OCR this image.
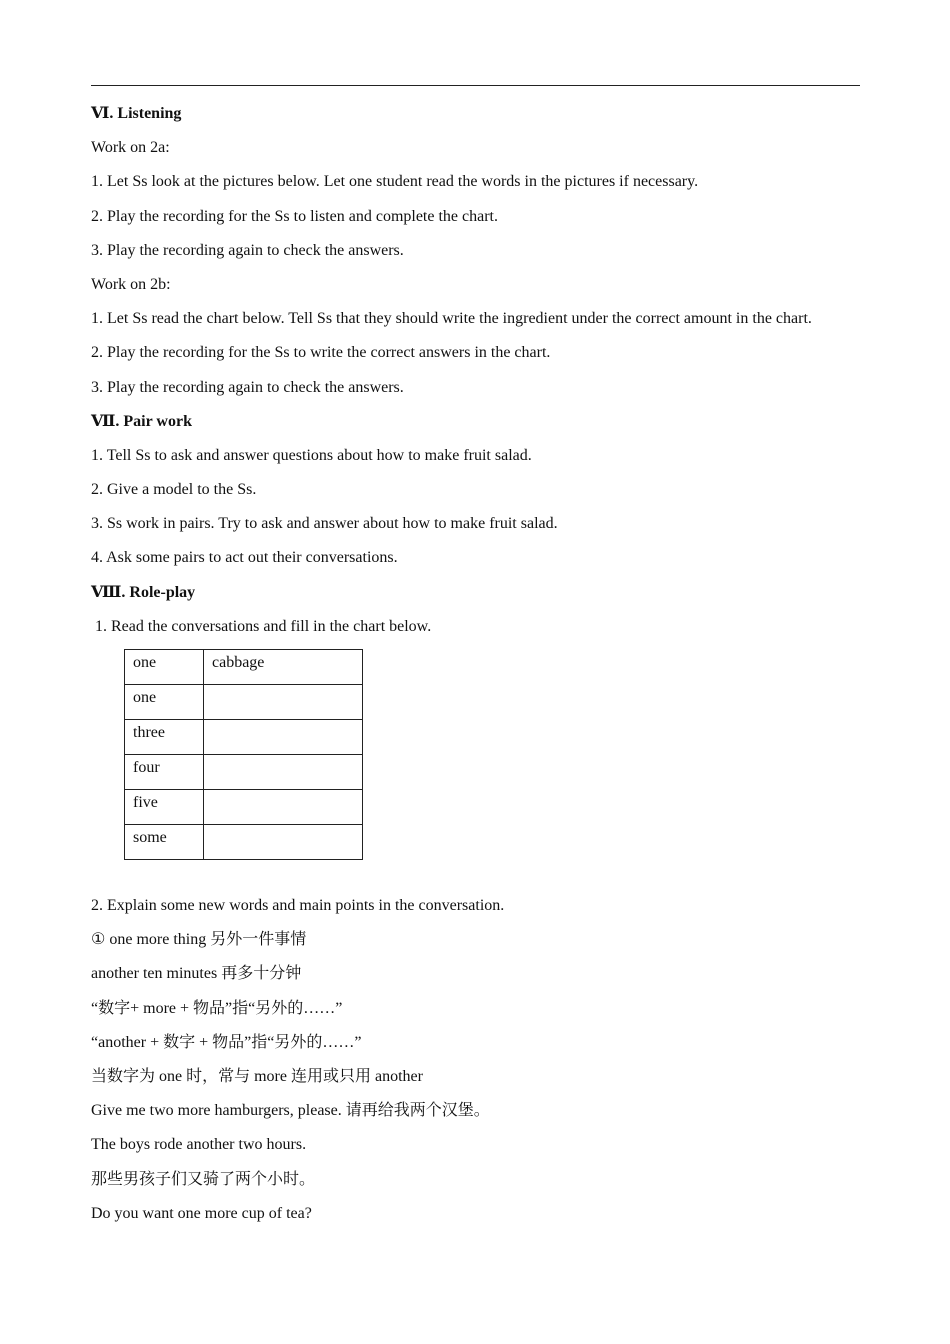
Ⅵ. Listening
Work on 2a:
1. Let Ss look at the pictures below. Let one student read the words in the pictures if necessary.
2. Play the recording for the Ss to listen and complete the chart.
3. Play the recording again to check the answers.
Work on 2b:
1. Let Ss read the chart below. Tell Ss that they should write the ingredient under the correct amount in the chart.
2. Play the recording for the Ss to write the correct answers in the chart.
3. Play the recording again to check the answers.
Ⅶ. Pair work
1. Tell Ss to ask and answer questions about how to make fruit salad.
2. Give a model to the Ss.
3. Ss work in pairs. Try to ask and answer about how to make fruit salad.
4. Ask some pairs to act out their conversations.
Ⅷ. Role-play
1. Read the conversations and fill in the chart below.
one	cabbage
one	
three	
four	
five	
some	
2. Explain some new words and main points in the conversation.
① one more thing 另外一件事情
another ten minutes 再多十分钟
“数字+ more + 物品”指“另外的……”
“another + 数字 + 物品”指“另外的……”
当数字为 one 时，常与 more 连用或只用 another
Give me two more hamburgers, please. 请再给我两个汉堡。
The boys rode another two hours.
那些男孩子们又骑了两个小时。
Do you want one more cup of tea?
